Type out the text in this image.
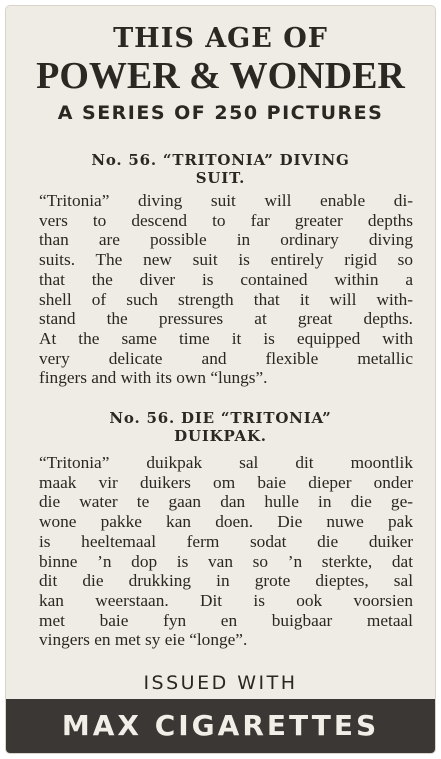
THIS AGE OF
POWER & WONDER
A SERIES OF 250 PICTURES
No. 56. “TRITONIA” DIVING
SUIT.
“Tritonia” diving suit will enable di-
vers to descend to far greater depths
than are possible in ordinary diving
suits. The new suit is entirely rigid so
that the diver is contained within a
shell of such strength that it will with-
stand the pressures at great depths.
At the same time it is equipped with
very delicate and flexible metallic
fingers and with its own “lungs”.
No. 56. DIE “TRITONIA”
DUIKPAK.
“Tritonia” duikpak sal dit moontlik
maak vir duikers om baie dieper onder
die water te gaan dan hulle in die ge-
wone pakke kan doen. Die nuwe pak
is heeltemaal ferm sodat die duiker
binne ’n dop is van so ’n sterkte, dat
dit die drukking in grote dieptes, sal
kan weerstaan. Dit is ook voorsien
met baie fyn en buigbaar metaal
vingers en met sy eie “longe”.
ISSUED WITH
MAX CIGARETTES
